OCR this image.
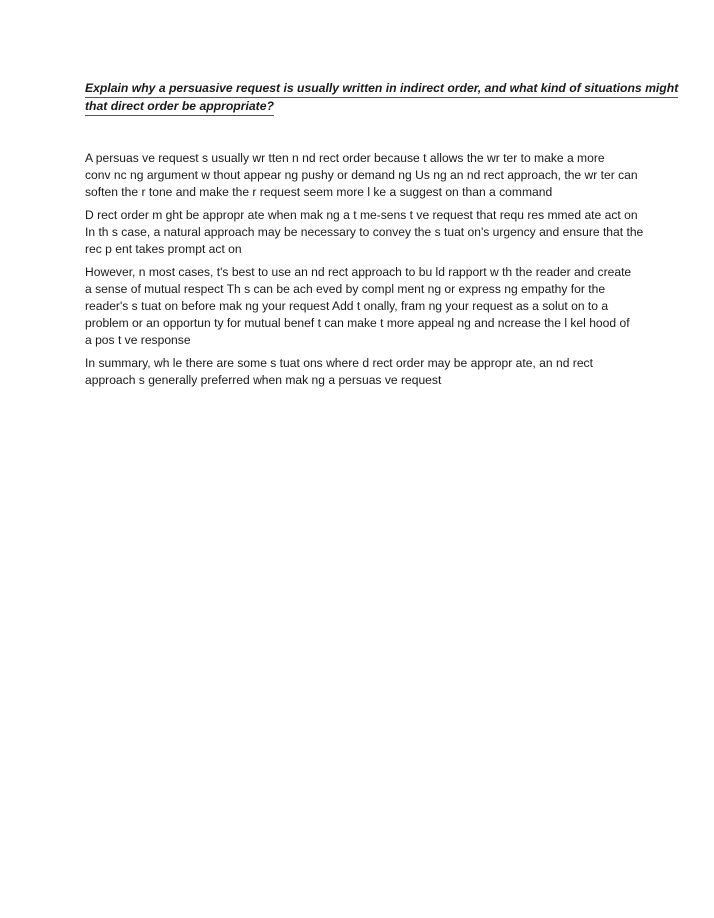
Explain why a persuasive request is usually written in indirect order, and what kind of situations might
that direct order be appropriate?

A persuas ve request s usually wr tten n nd rect order because t allows the wr ter to make a more
conv nc ng argument w thout appear ng pushy or demand ng Us ng an nd rect approach, the wr ter can
soften the r tone and make the r request seem more l ke a suggest on than a command

D rect order m ght be appropr ate when mak ng a t me-sens t ve request that requ res mmed ate act on
In th s case, a natural approach may be necessary to convey the s tuat on's urgency and ensure that the
rec p ent takes prompt act on

However, n most cases, t's best to use an nd rect approach to bu ld rapport w th the reader and create
a sense of mutual respect Th s can be ach eved by compl ment ng or express ng empathy for the
reader's s tuat on before mak ng your request Add t onally, fram ng your request as a solut on to a
problem or an opportun ty for mutual benef t can make t more appeal ng and ncrease the l kel hood of
a pos t ve response

In summary, wh le there are some s tuat ons where d rect order may be appropr ate, an nd rect
approach s generally preferred when mak ng a persuas ve request
